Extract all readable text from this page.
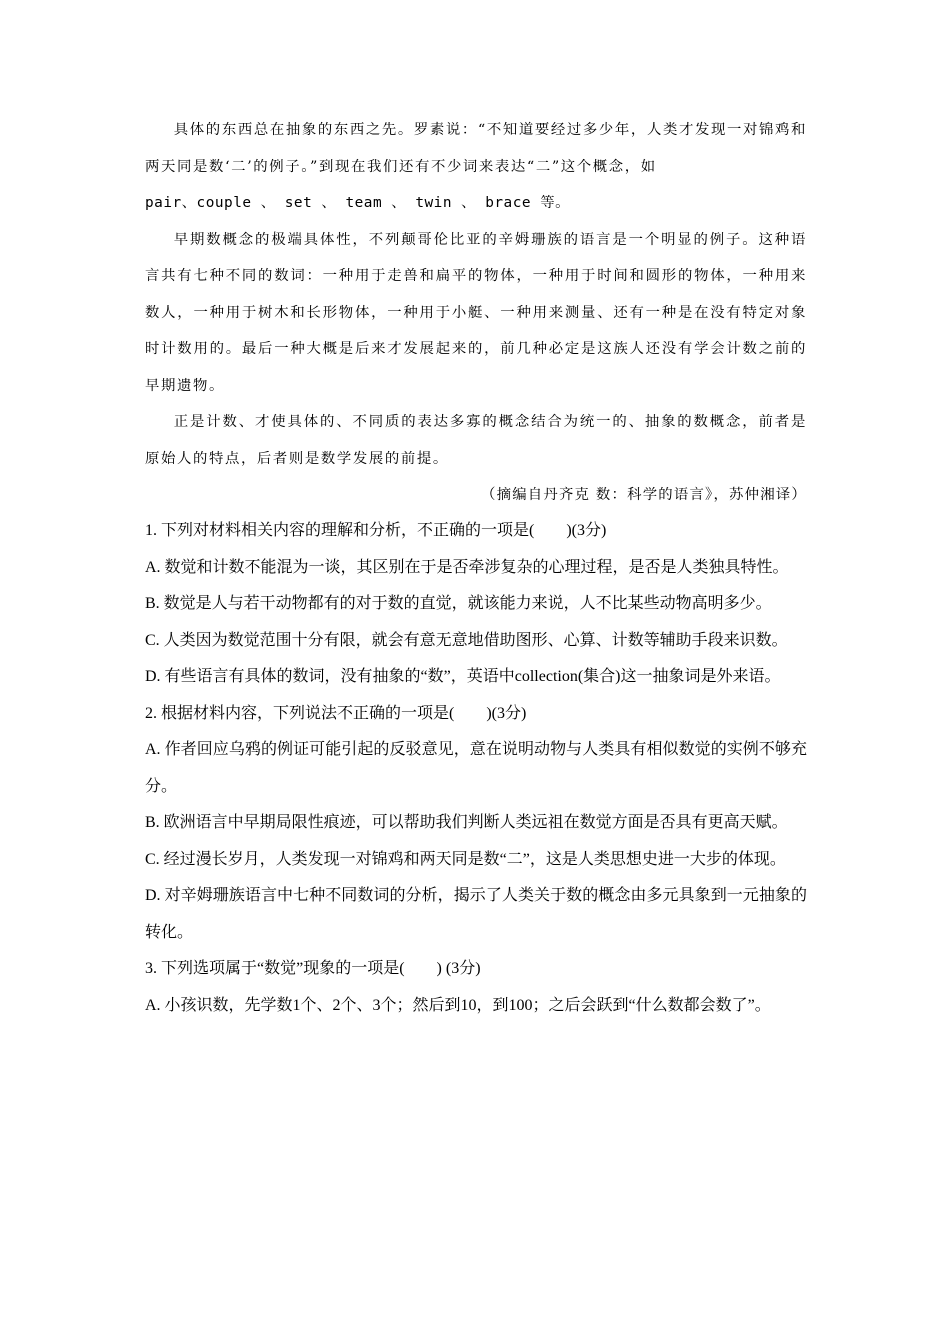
具体的东西总在抽象的东西之先。罗素说：“不知道要经过多少年，人类才发现一对锦鸡和两天同是数‘二’的例子。”到现在我们还有不少词来表达“二”这个概念，如

pair、couple 、 set 、 team 、 twin 、 brace 等。

早期数概念的极端具体性，不列颠哥伦比亚的辛姆珊族的语言是一个明显的例子。这种语言共有七种不同的数词：一种用于走兽和扁平的物体，一种用于时间和圆形的物体，一种用来数人，一种用于树木和长形物体，一种用于小艇、一种用来测量、还有一种是在没有特定对象时计数用的。最后一种大概是后来才发展起来的，前几种必定是这族人还没有学会计数之前的早期遗物。

正是计数、才使具体的、不同质的表达多寡的概念结合为统一的、抽象的数概念，前者是原始人的特点，后者则是数学发展的前提。

（摘编自丹齐克 数：科学的语言》，苏仲湘译）

1. 下列对材料相关内容的理解和分析，不正确的一项是(　　)(3分)

A. 数觉和计数不能混为一谈，其区别在于是否牵涉复杂的心理过程，是否是人类独具特性。

B. 数觉是人与若干动物都有的对于数的直觉，就该能力来说，人不比某些动物高明多少。

C. 人类因为数觉范围十分有限，就会有意无意地借助图形、心算、计数等辅助手段来识数。

D. 有些语言有具体的数词，没有抽象的“数”，英语中collection(集合)这一抽象词是外来语。

2. 根据材料内容，下列说法不正确的一项是(　　)(3分)

A. 作者回应乌鸦的例证可能引起的反驳意见，意在说明动物与人类具有相似数觉的实例不够充分。

B. 欧洲语言中早期局限性痕迹，可以帮助我们判断人类远祖在数觉方面是否具有更高天赋。

C. 经过漫长岁月，人类发现一对锦鸡和两天同是数“二”，这是人类思想史进一大步的体现。

D. 对辛姆珊族语言中七种不同数词的分析，揭示了人类关于数的概念由多元具象到一元抽象的转化。

3. 下列选项属于“数觉”现象的一项是(　　) (3分)

A. 小孩识数，先学数1个、2个、3个；然后到10，到100；之后会跃到“什么数都会数了”。
